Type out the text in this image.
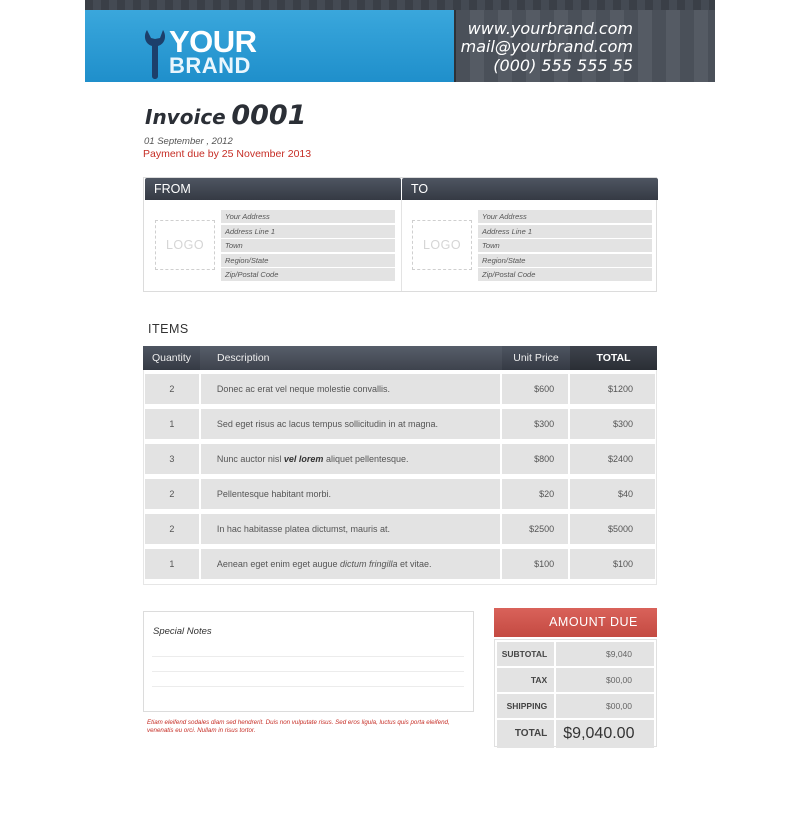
YOUR
BRAND
www.yourbrand.com
mail@yourbrand.com
(000) 555 555 55
Invoice 0001
01 September , 2012
Payment due by 25 November 2013
FROM
LOGO
Your Address
Address Line 1
Town
Region/State
Zip/Postal Code
TO
LOGO
Your Address
Address Line 1
Town
Region/State
Zip/Postal Code
ITEMS
Quantity	Description	Unit Price	TOTAL
2	Donec ac erat vel neque molestie convallis.	$600	$1200
1	Sed eget risus ac lacus tempus sollicitudin in at magna.	$300	$300
3	Nunc auctor nisl vel lorem aliquet pellentesque.	$800	$2400
2	Pellentesque habitant morbi.	$20	$40
2	In hac habitasse platea dictumst, mauris at.	$2500	$5000
1	Aenean eget enim eget augue dictum fringilla et vitae.	$100	$100
Special Notes
Etiam eleifend sodales diam sed hendrerit. Duis non vulputate risus. Sed eros ligula, luctus quis porta eleifend, venenatis eu orci. Nullam in risus tortor.
AMOUNT DUE
SUBTOTAL	$9,040
TAX	$00,00
SHIPPING	$00,00
TOTAL	$9,040.00
